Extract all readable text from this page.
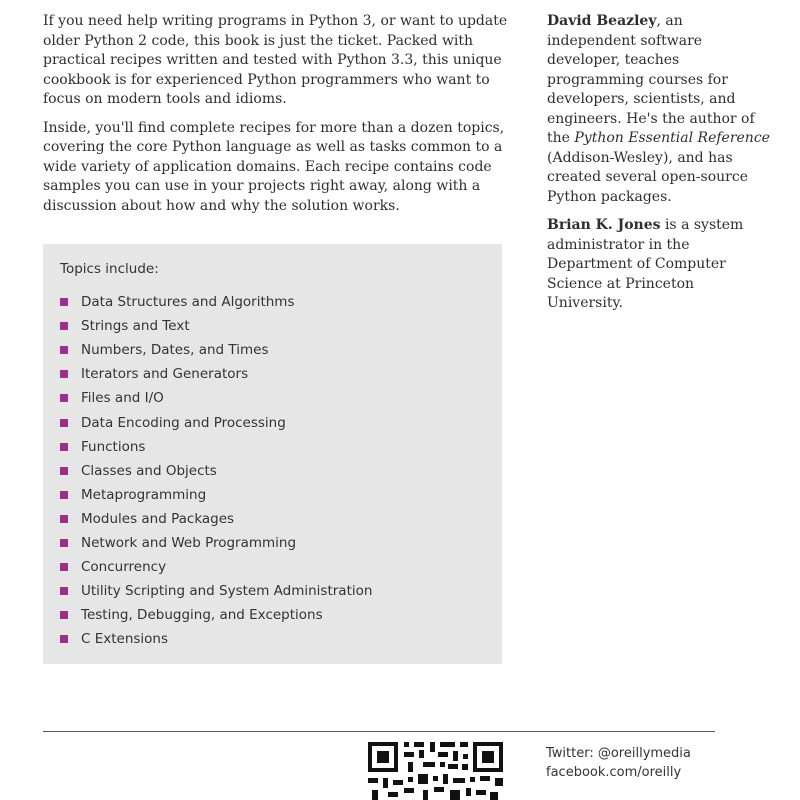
If you need help writing programs in Python 3, or want to update older Python 2 code, this book is just the ticket. Packed with practical recipes written and tested with Python 3.3, this unique cookbook is for experienced Python programmers who want to focus on modern tools and idioms.

Inside, you'll find complete recipes for more than a dozen topics, covering the core Python language as well as tasks common to a wide variety of application domains. Each recipe contains code samples you can use in your projects right away, along with a discussion about how and why the solution works.

David Beazley, an independent software developer, teaches programming courses for developers, scientists, and engineers. He's the author of the Python Essential Reference (Addison-Wesley), and has created several open-source Python packages.

Brian K. Jones is a system administrator in the Department of Computer Science at Princeton University.

Topics include:

Data Structures and Algorithms
Strings and Text
Numbers, Dates, and Times
Iterators and Generators
Files and I/O
Data Encoding and Processing
Functions
Classes and Objects
Metaprogramming
Modules and Packages
Network and Web Programming
Concurrency
Utility Scripting and System Administration
Testing, Debugging, and Exceptions
C Extensions
Twitter: @oreillymedia
facebook.com/oreilly
